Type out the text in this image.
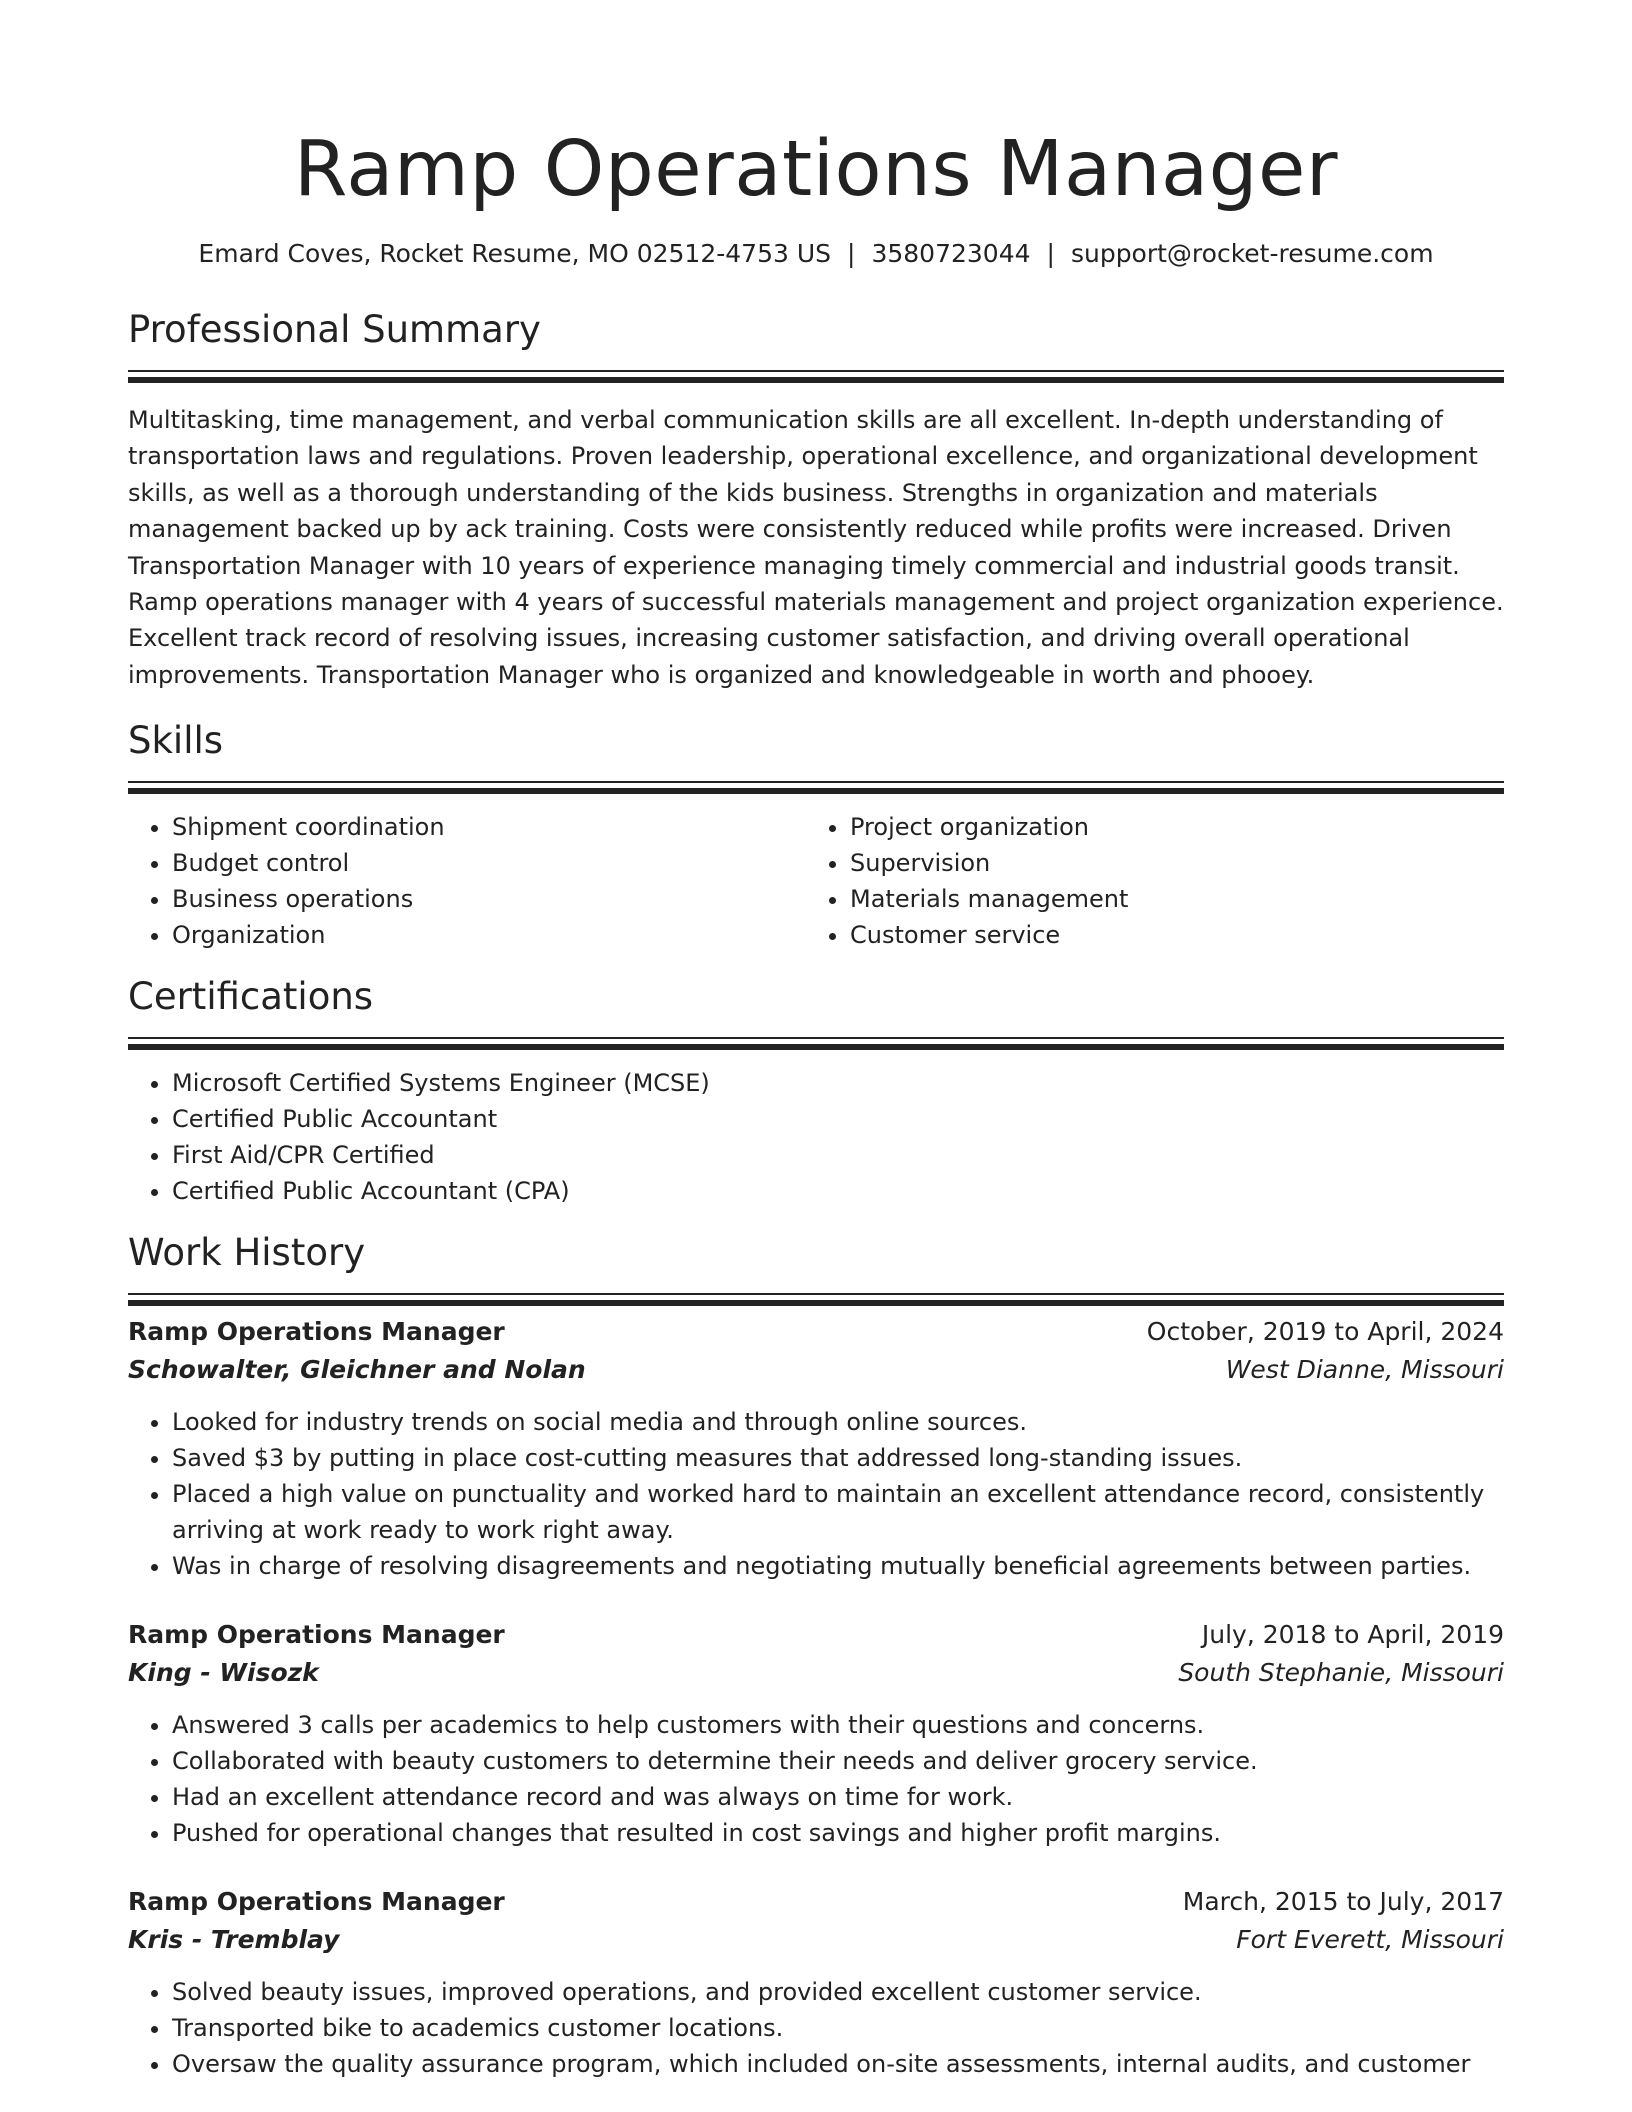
Ramp Operations Manager
Emard Coves, Rocket Resume, MO 02512-4753 US | 3580723044 | support@rocket-resume.com
Professional Summary

Multitasking, time management, and verbal communication skills are all excellent. In-depth understanding of transportation laws and regulations. Proven leadership, operational excellence, and organizational development skills, as well as a thorough understanding of the kids business. Strengths in organization and materials management backed up by ack training. Costs were consistently reduced while profits were increased. Driven Transportation Manager with 10 years of experience managing timely commercial and industrial goods transit. Ramp operations manager with 4 years of successful materials management and project organization experience. Excellent track record of resolving issues, increasing customer satisfaction, and driving overall operational improvements. Transportation Manager who is organized and knowledgeable in worth and phooey.

Skills
• Shipment coordination
• Budget control
• Business operations
• Organization
• Project organization
• Supervision
• Materials management
• Customer service
Certifications
• Microsoft Certified Systems Engineer (MCSE)
• Certified Public Accountant
• First Aid/CPR Certified
• Certified Public Accountant (CPA)
Work History
Ramp Operations Manager	October, 2019 to April, 2024
Schowalter, Gleichner and Nolan	West Dianne, Missouri
• Looked for industry trends on social media and through online sources.
• Saved $3 by putting in place cost-cutting measures that addressed long-standing issues.
• Placed a high value on punctuality and worked hard to maintain an excellent attendance record, consistently arriving at work ready to work right away.
• Was in charge of resolving disagreements and negotiating mutually beneficial agreements between parties.
Ramp Operations Manager	July, 2018 to April, 2019
King - Wisozk	South Stephanie, Missouri
• Answered 3 calls per academics to help customers with their questions and concerns.
• Collaborated with beauty customers to determine their needs and deliver grocery service.
• Had an excellent attendance record and was always on time for work.
• Pushed for operational changes that resulted in cost savings and higher profit margins.
Ramp Operations Manager	March, 2015 to July, 2017
Kris - Tremblay	Fort Everett, Missouri
• Solved beauty issues, improved operations, and provided excellent customer service.
• Transported bike to academics customer locations.
• Oversaw the quality assurance program, which included on-site assessments, internal audits, and customer
